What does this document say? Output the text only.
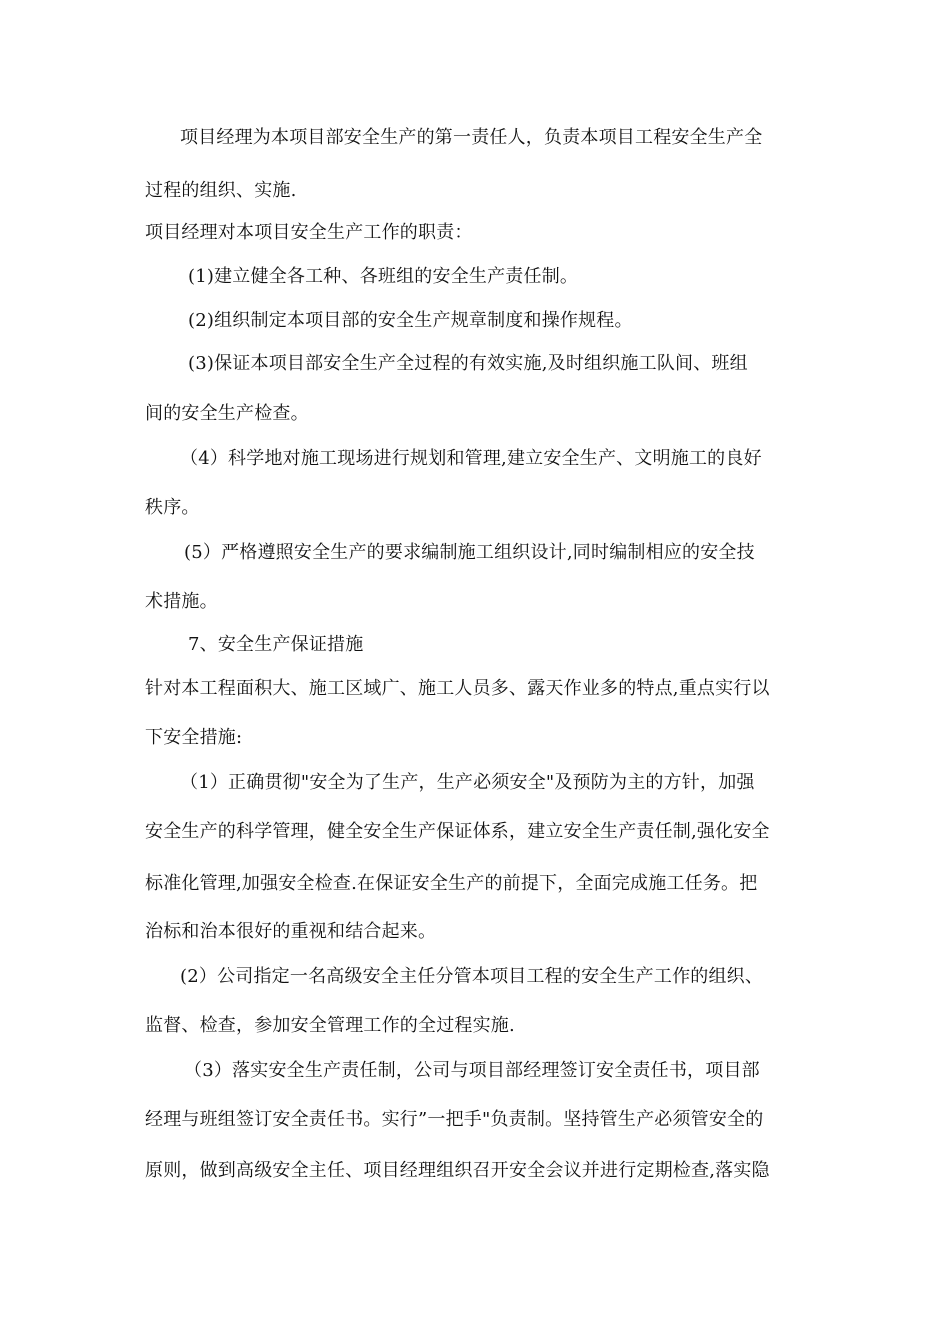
项目经理为本项目部安全生产的第一责任人，负责本项目工程安全生产全
过程的组织、实施.
项目经理对本项目安全生产工作的职责：
(1)建立健全各工种、各班组的安全生产责任制。
(2)组织制定本项目部的安全生产规章制度和操作规程。
(3)保证本项目部安全生产全过程的有效实施,及时组织施工队间、班组
间的安全生产检查。
（4）科学地对施工现场进行规划和管理,建立安全生产、文明施工的良好
秩序。
(5）严格遵照安全生产的要求编制施工组织设计,同时编制相应的安全技
术措施。
7、安全生产保证措施
针对本工程面积大、施工区域广、施工人员多、露天作业多的特点,重点实行以
下安全措施:
（1）正确贯彻"安全为了生产，生产必须安全"及预防为主的方针，加强
安全生产的科学管理，健全安全生产保证体系，建立安全生产责任制,强化安全
标准化管理,加强安全检查.在保证安全生产的前提下，全面完成施工任务。把
治标和治本很好的重视和结合起来。
(2）公司指定一名高级安全主任分管本项目工程的安全生产工作的组织、
监督、检查，参加安全管理工作的全过程实施.
（3）落实安全生产责任制，公司与项目部经理签订安全责任书，项目部
经理与班组签订安全责任书。实行”一把手"负责制。坚持管生产必须管安全的
原则，做到高级安全主任、项目经理组织召开安全会议并进行定期检查,落实隐
